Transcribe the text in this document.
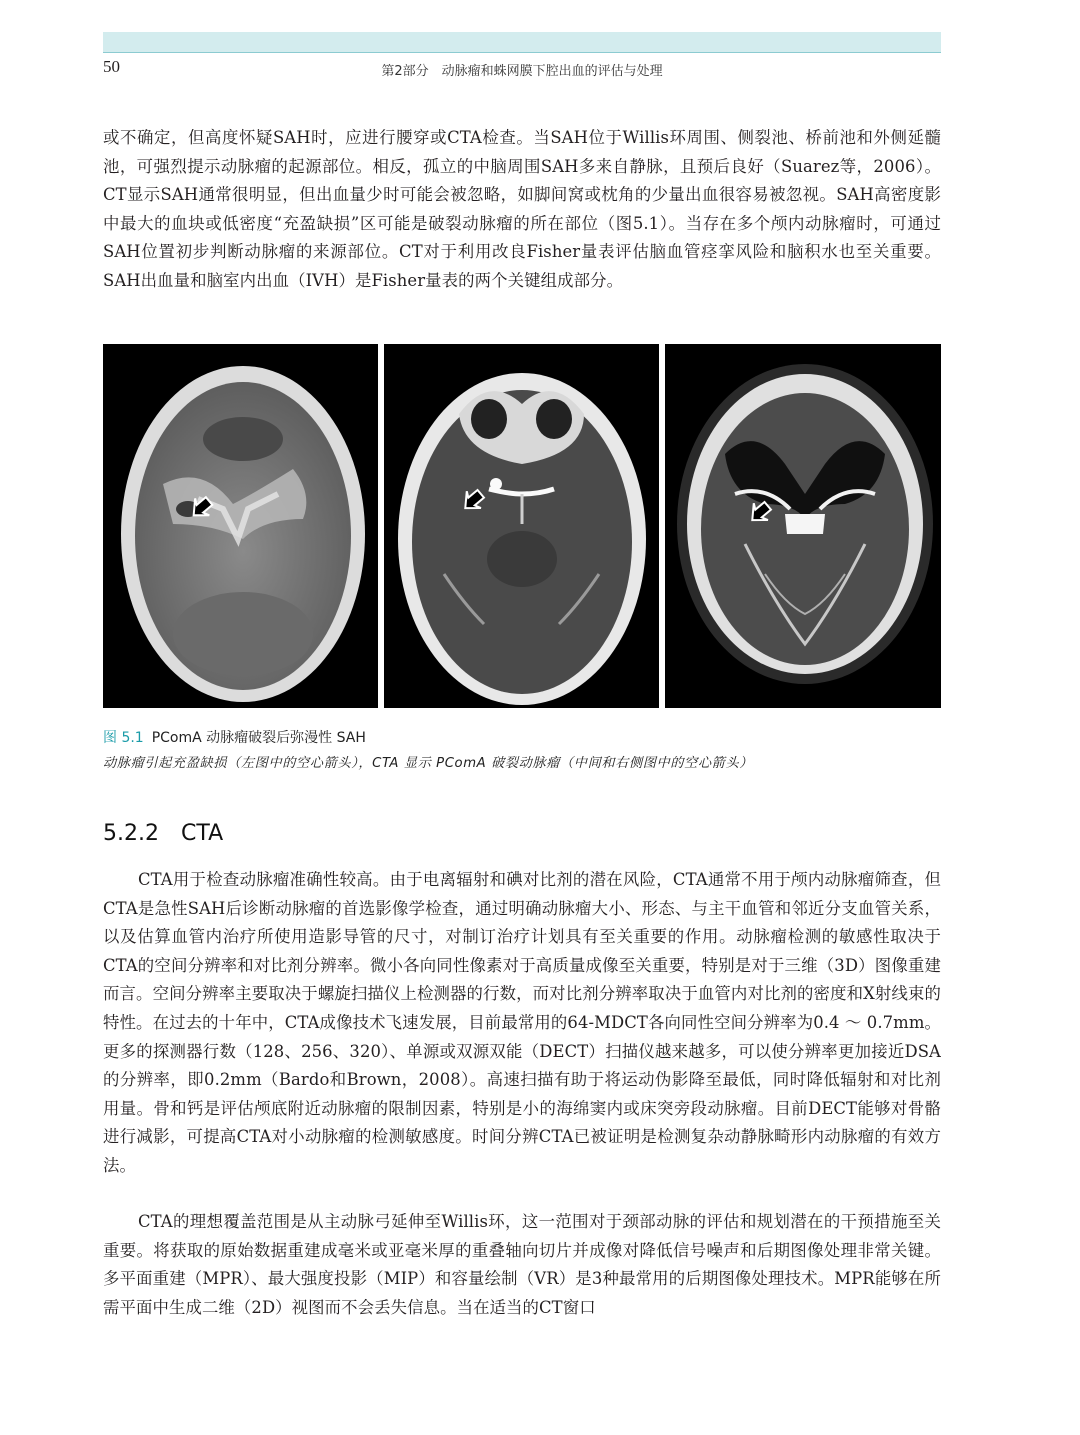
50	第2部分　动脉瘤和蛛网膜下腔出血的评估与处理

或不确定，但高度怀疑SAH时，应进行腰穿或CTA检查。当SAH位于Willis环周围、侧裂池、桥前池和外侧延髓池，可强烈提示动脉瘤的起源部位。相反，孤立的中脑周围SAH多来自静脉，且预后良好（Suarez等，2006）。CT显示SAH通常很明显，但出血量少时可能会被忽略，如脚间窝或枕角的少量出血很容易被忽视。SAH高密度影中最大的血块或低密度“充盈缺损”区可能是破裂动脉瘤的所在部位（图5.1）。当存在多个颅内动脉瘤时，可通过SAH位置初步判断动脉瘤的来源部位。CT对于利用改良Fisher量表评估脑血管痉挛风险和脑积水也至关重要。SAH出血量和脑室内出血（IVH）是Fisher量表的两个关键组成部分。

图 5.1 PComA 动脉瘤破裂后弥漫性 SAH
动脉瘤引起充盈缺损（左图中的空心箭头），CTA 显示 PComA 破裂动脉瘤（中间和右侧图中的空心箭头）
5.2.2　CTA

CTA用于检查动脉瘤准确性较高。由于电离辐射和碘对比剂的潜在风险，CTA通常不用于颅内动脉瘤筛查，但CTA是急性SAH后诊断动脉瘤的首选影像学检查，通过明确动脉瘤大小、形态、与主干血管和邻近分支血管关系，以及估算血管内治疗所使用造影导管的尺寸，对制订治疗计划具有至关重要的作用。动脉瘤检测的敏感性取决于CTA的空间分辨率和对比剂分辨率。微小各向同性像素对于高质量成像至关重要，特别是对于三维（3D）图像重建而言。空间分辨率主要取决于螺旋扫描仪上检测器的行数，而对比剂分辨率取决于血管内对比剂的密度和X射线束的特性。在过去的十年中，CTA成像技术飞速发展，目前最常用的64-MDCT各向同性空间分辨率为0.4 ～ 0.7mm。更多的探测器行数（128、256、320）、单源或双源双能（DECT）扫描仪越来越多，可以使分辨率更加接近DSA的分辨率，即0.2mm（Bardo和Brown，2008）。高速扫描有助于将运动伪影降至最低，同时降低辐射和对比剂用量。骨和钙是评估颅底附近动脉瘤的限制因素，特别是小的海绵窦内或床突旁段动脉瘤。目前DECT能够对骨骼进行减影，可提高CTA对小动脉瘤的检测敏感度。时间分辨CTA已被证明是检测复杂动静脉畸形内动脉瘤的有效方法。

CTA的理想覆盖范围是从主动脉弓延伸至Willis环，这一范围对于颈部动脉的评估和规划潜在的干预措施至关重要。将获取的原始数据重建成毫米或亚毫米厚的重叠轴向切片并成像对降低信号噪声和后期图像处理非常关键。多平面重建（MPR）、最大强度投影（MIP）和容量绘制（VR）是3种最常用的后期图像处理技术。MPR能够在所需平面中生成二维（2D）视图而不会丢失信息。当在适当的CT窗口
